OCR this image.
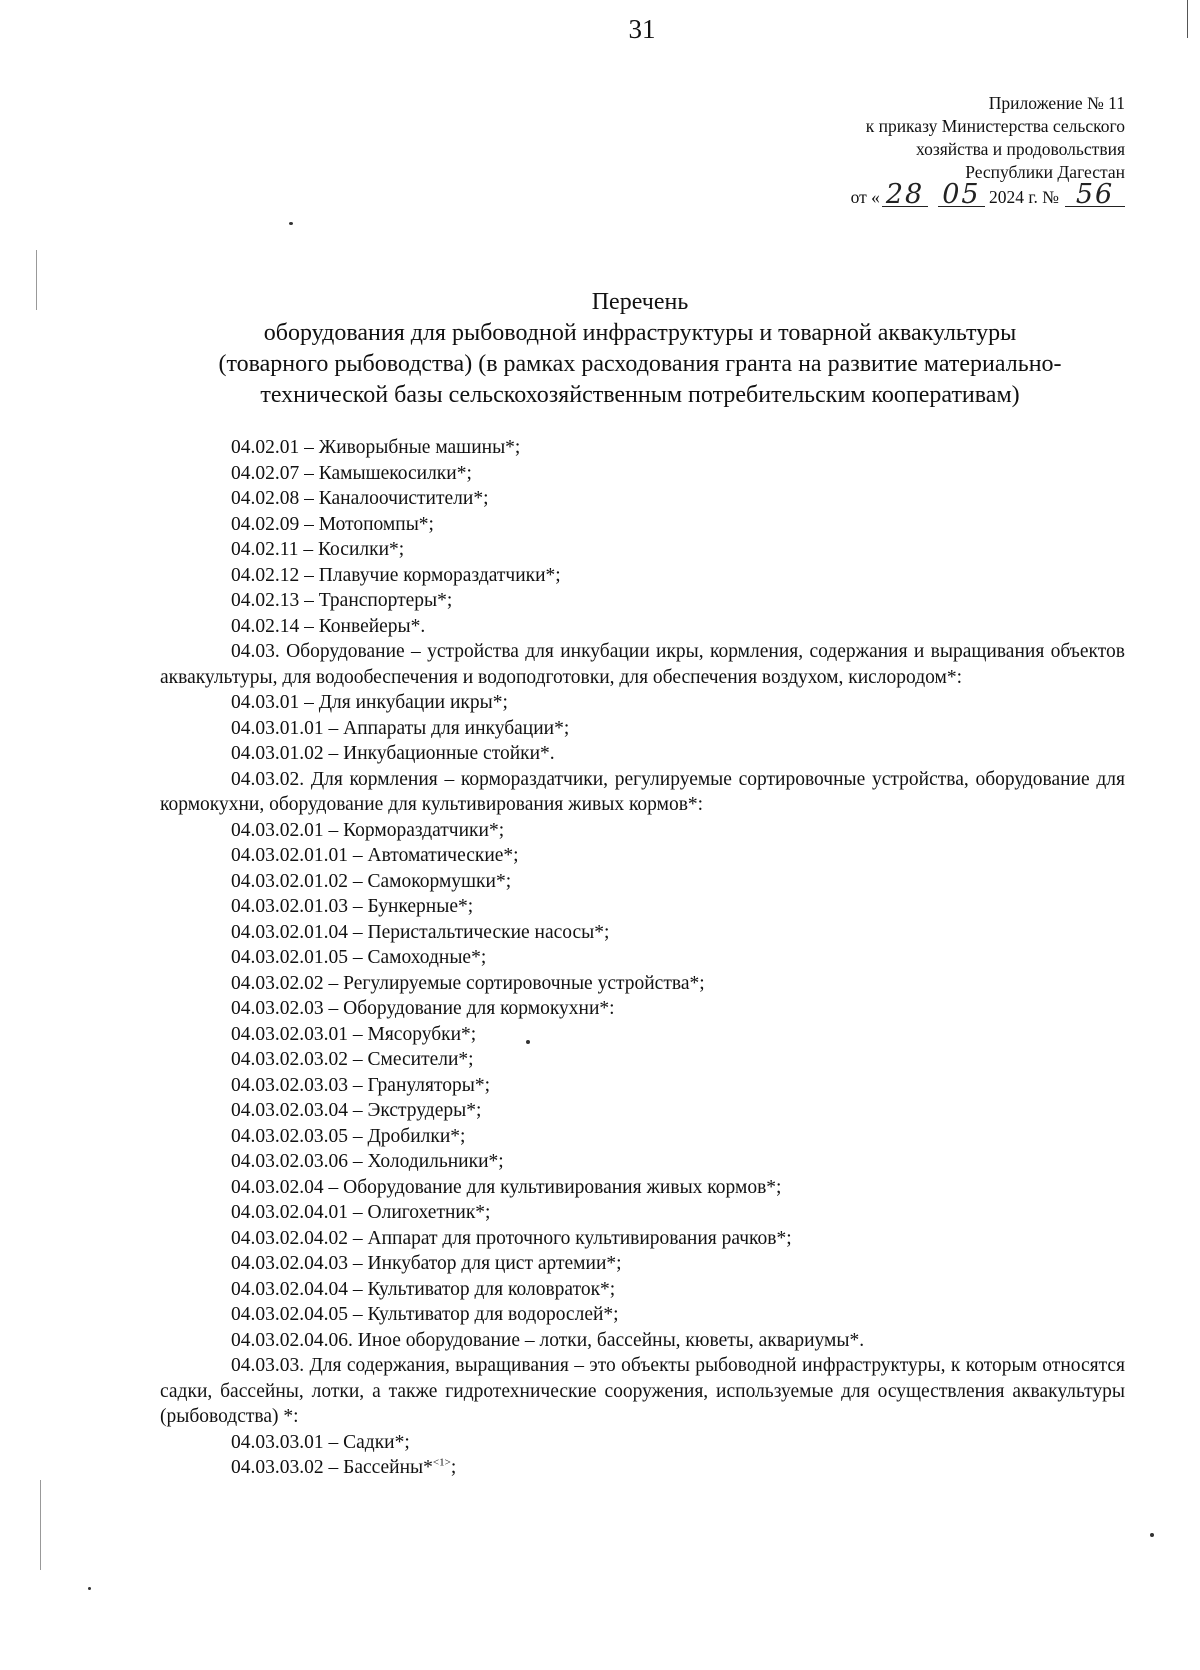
31
Приложение № 11
к приказу Министерства сельского
хозяйства и продовольствия
Республики Дагестан
от « 28 05 2024 г. № 56
Перечень
оборудования для рыбоводной инфраструктуры и товарной аквакультуры
(товарного рыбоводства) (в рамках расходования гранта на развитие материально-
технической базы сельскохозяйственным потребительским кооперативам)

04.02.01 – Живорыбные машины*;

04.02.07 – Камышекосилки*;

04.02.08 – Каналоочистители*;

04.02.09 – Мотопомпы*;

04.02.11 – Косилки*;

04.02.12 – Плавучие кормораздатчики*;

04.02.13 – Транспортеры*;

04.02.14 – Конвейеры*.

04.03. Оборудование – устройства для инкубации икры, кормления, содержания и выращивания объектов аквакультуры, для водообеспечения и водоподготовки, для обеспечения воздухом, кислородом*:

04.03.01 – Для инкубации икры*;

04.03.01.01 – Аппараты для инкубации*;

04.03.01.02 – Инкубационные стойки*.

04.03.02. Для кормления – кормораздатчики, регулируемые сортировочные устройства, оборудование для кормокухни, оборудование для культивирования живых кормов*:

04.03.02.01 – Кормораздатчики*;

04.03.02.01.01 – Автоматические*;

04.03.02.01.02 – Самокормушки*;

04.03.02.01.03 – Бункерные*;

04.03.02.01.04 – Перистальтические насосы*;

04.03.02.01.05 – Самоходные*;

04.03.02.02 – Регулируемые сортировочные устройства*;

04.03.02.03 – Оборудование для кормокухни*:

04.03.02.03.01 – Мясорубки*;

04.03.02.03.02 – Смесители*;

04.03.02.03.03 – Грануляторы*;

04.03.02.03.04 – Экструдеры*;

04.03.02.03.05 – Дробилки*;

04.03.02.03.06 – Холодильники*;

04.03.02.04 – Оборудование для культивирования живых кормов*;

04.03.02.04.01 – Олигохетник*;

04.03.02.04.02 – Аппарат для проточного культивирования рачков*;

04.03.02.04.03 – Инкубатор для цист артемии*;

04.03.02.04.04 – Культиватор для коловраток*;

04.03.02.04.05 – Культиватор для водорослей*;

04.03.02.04.06. Иное оборудование – лотки, бассейны, кюветы, аквариумы*.

04.03.03. Для содержания, выращивания – это объекты рыбоводной инфраструктуры, к которым относятся садки, бассейны, лотки, а также гидротехнические сооружения, используемые для осуществления аквакультуры (рыбоводства) *:

04.03.03.01 – Садки*;

04.03.03.02 – Бассейны*$^{<1>}$;
